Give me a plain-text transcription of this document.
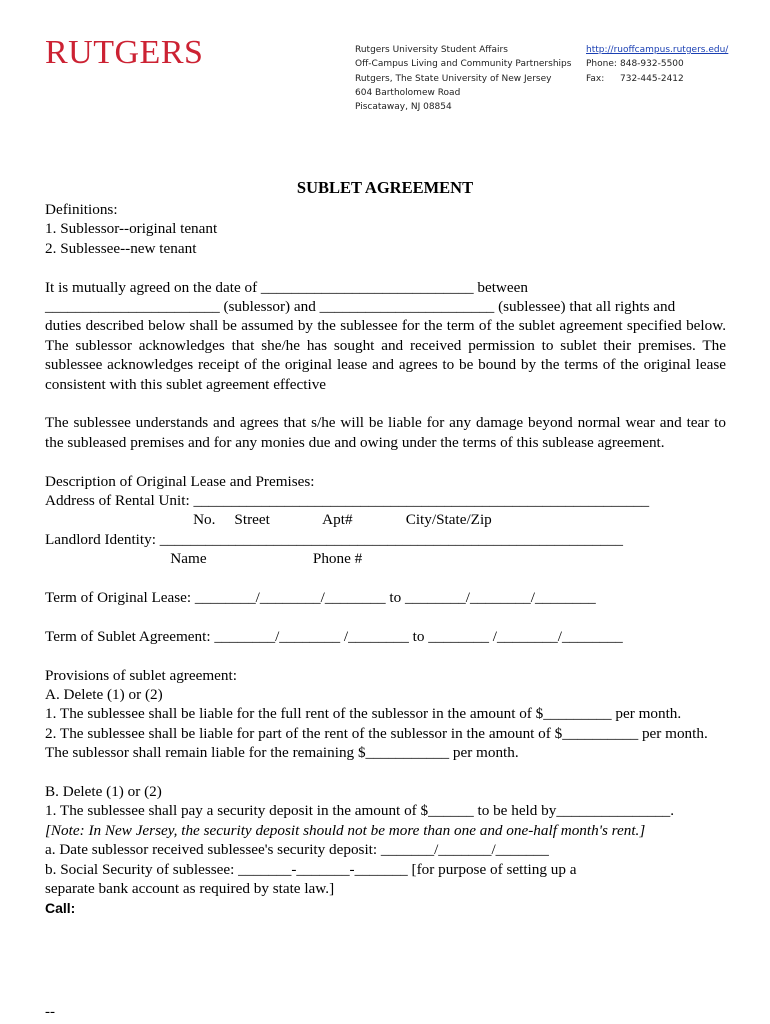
RUTGERS	Rutgers University Student Affairs
Off-Campus Living and Community Partnerships
Rutgers, The State University of New Jersey
604 Bartholomew Road
Piscataway, NJ 08854
http://ruoffcampus.rutgers.edu/
Phone: 848-932-5500
Fax: 732-445-2412
SUBLET AGREEMENT

Definitions:

1. Sublessor--original tenant

2. Sublessee--new tenant

It is mutually agreed on the date of ____________________________ between

_______________________ (sublessor) and _______________________ (sublessee) that all rights and

duties described below shall be assumed by the sublessee for the term of the sublet agreement specified below. The sublessor acknowledges that she/he has sought and received permission to sublet their premises. The sublessee acknowledges receipt of the original lease and agrees to be bound by the terms of the original lease consistent with this sublet agreement effective

The sublessee understands and agrees that s/he will be liable for any damage beyond normal wear and tear to the subleased premises and for any monies due and owing under the terms of this sublease agreement.

Description of Original Lease and Premises:

Address of Rental Unit: ____________________________________________________________

No.     Street              Apt#              City/State/Zip

Landlord Identity: _____________________________________________________________

Name                            Phone #

Term of Original Lease: ________/________/________ to ________/________/________

Term of Sublet Agreement: ________/________ /________ to ________ /________/________

Provisions of sublet agreement:

A. Delete (1) or (2)

1. The sublessee shall be liable for the full rent of the sublessor in the amount of $_________ per month.

2. The sublessee shall be liable for part of the rent of the sublessor in the amount of $__________ per month. The sublessor shall remain liable for the remaining $___________ per month.

B. Delete (1) or (2)

1. The sublessee shall pay a security deposit in the amount of $______ to be held by_______________.

[Note: In New Jersey, the security deposit should not be more than one and one-half month's rent.]

a. Date sublessor received sublessee's security deposit: _______/_______/_______

b. Social Security of sublessee: _______-_______-_______ [for purpose of setting up a

separate bank account as required by state law.]

Call:

--
